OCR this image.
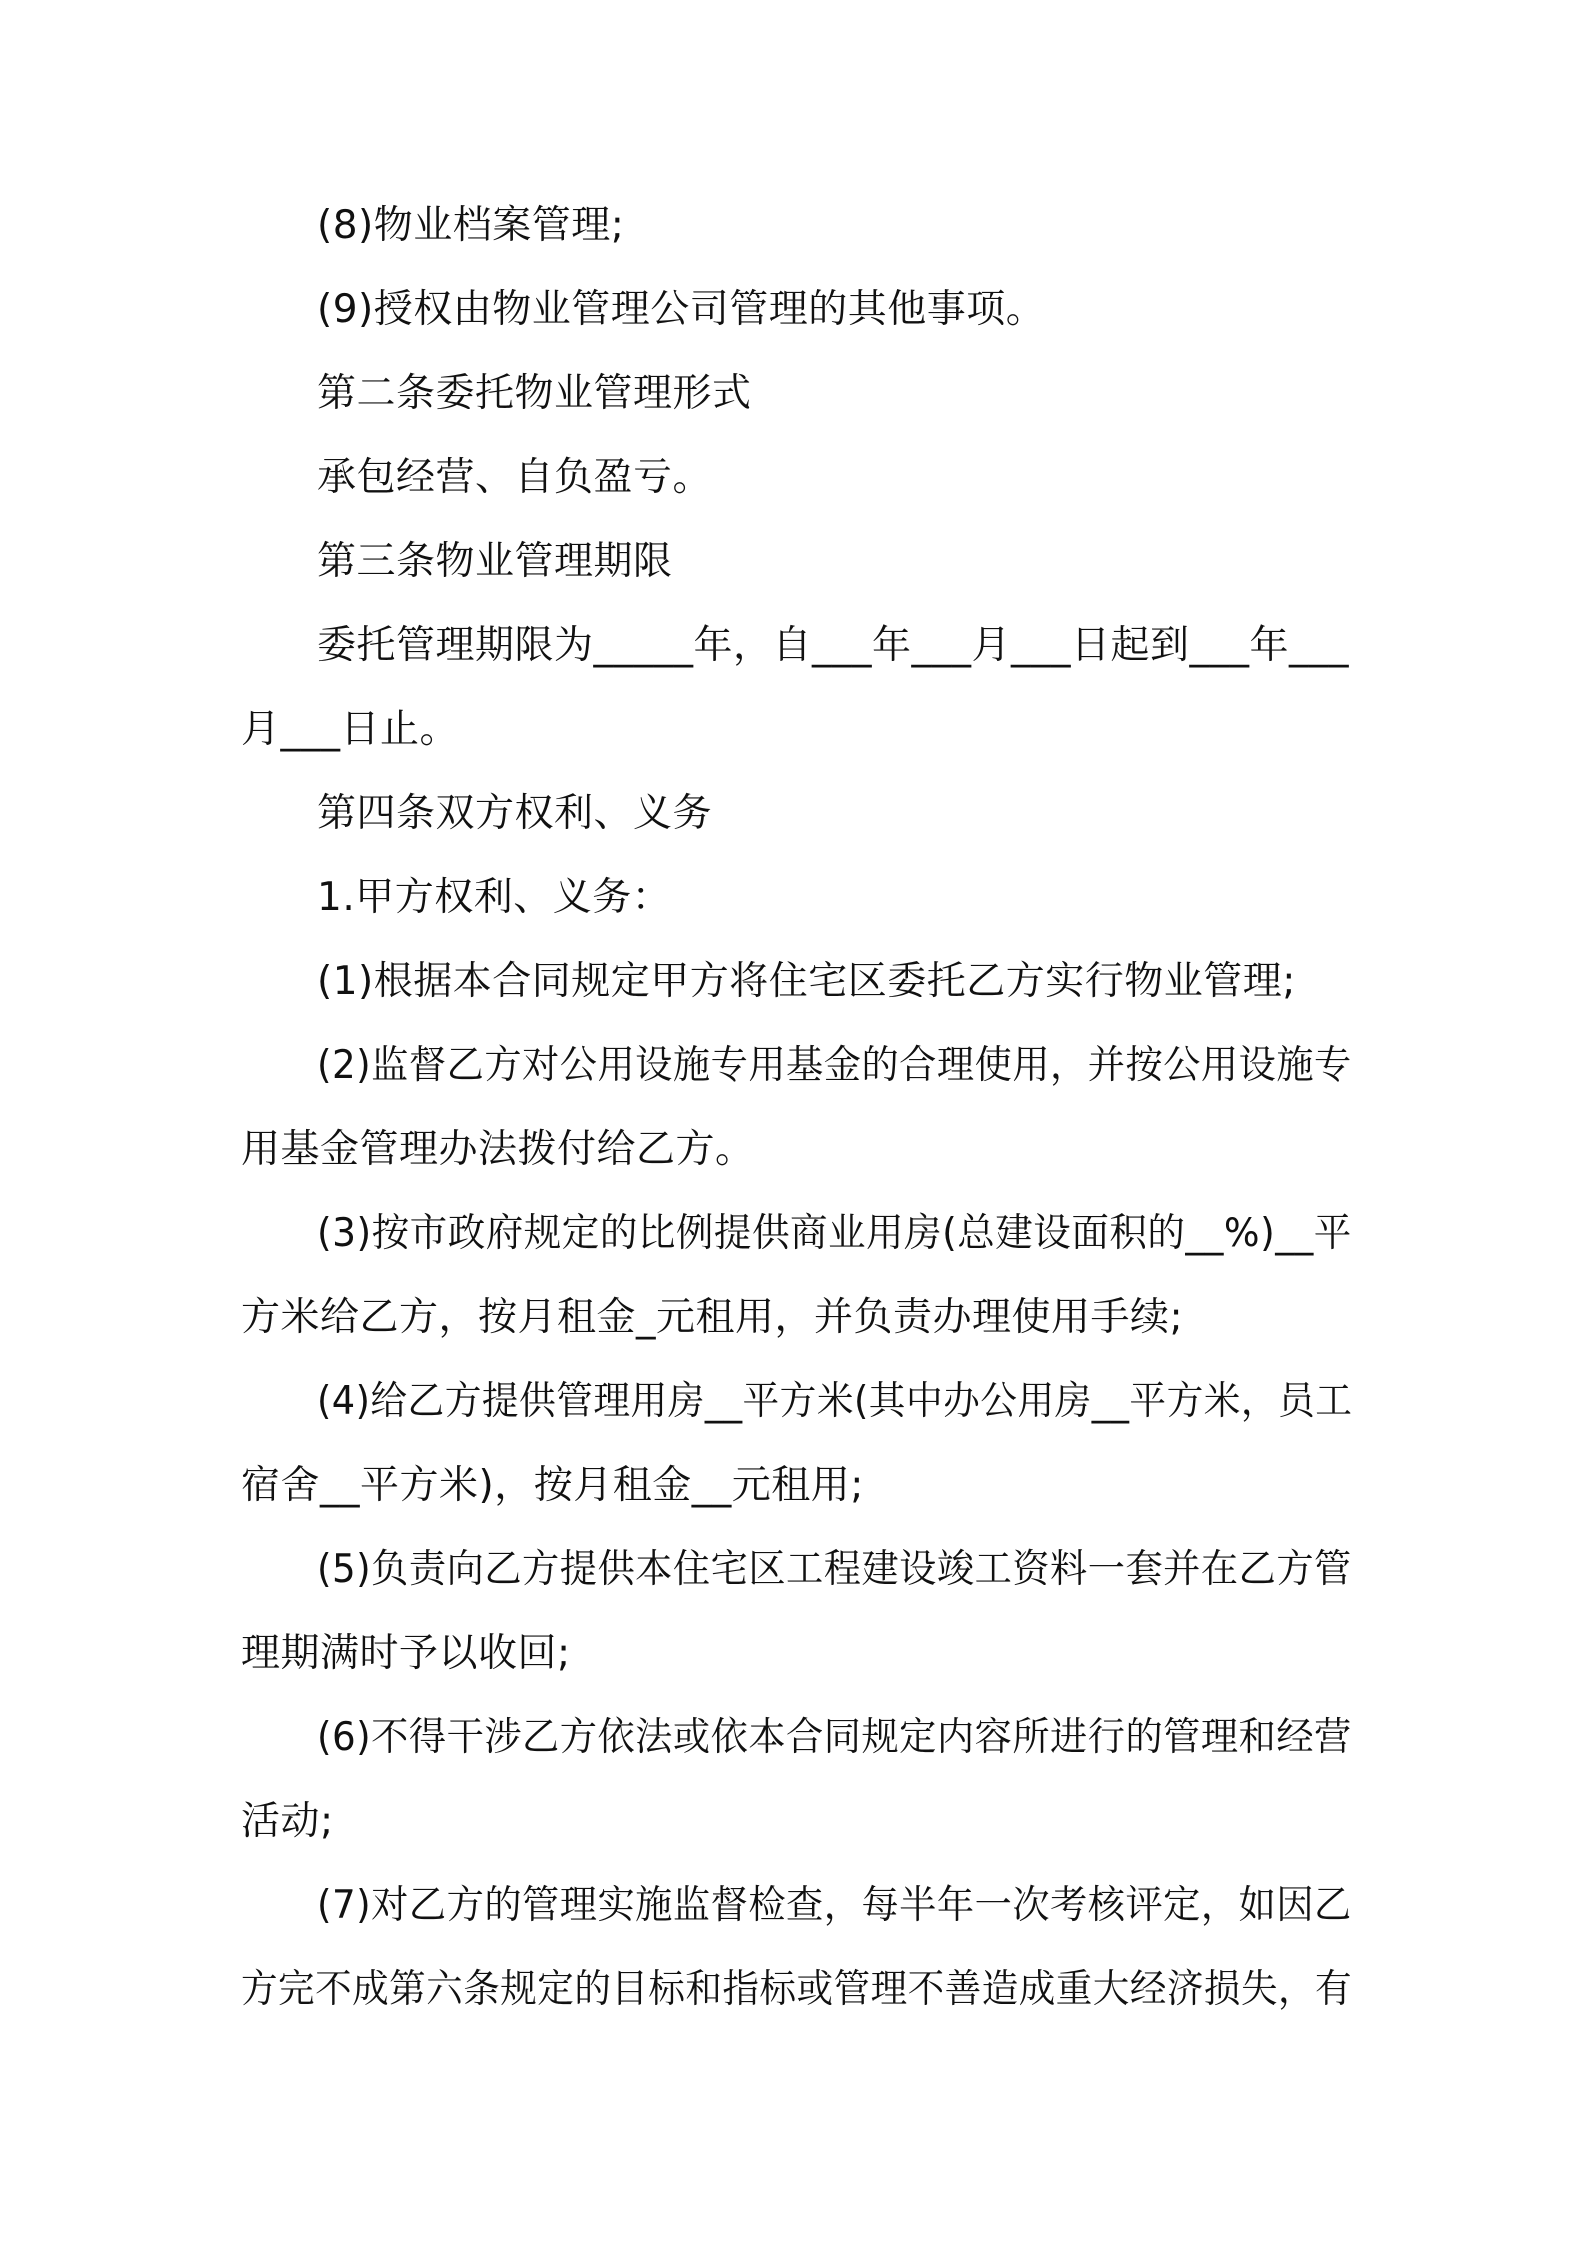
(8)物业档案管理;
(9)授权由物业管理公司管理的其他事项。
第二条委托物业管理形式
承包经营、自负盈亏。
第三条物业管理期限
委托管理期限为_____年，自___年___月___日起到___年___
月___日止。
第四条双方权利、义务
1.甲方权利、义务：
(1)根据本合同规定甲方将住宅区委托乙方实行物业管理;
(2)监督乙方对公用设施专用基金的合理使用，并按公用设施专
用基金管理办法拨付给乙方。
(3)按市政府规定的比例提供商业用房(总建设面积的__%)__平
方米给乙方，按月租金_元租用，并负责办理使用手续;
(4)给乙方提供管理用房__平方米(其中办公用房__平方米，员工
宿舍__平方米)，按月租金__元租用;
(5)负责向乙方提供本住宅区工程建设竣工资料一套并在乙方管
理期满时予以收回;
(6)不得干涉乙方依法或依本合同规定内容所进行的管理和经营
活动;
(7)对乙方的管理实施监督检查，每半年一次考核评定，如因乙
方完不成第六条规定的目标和指标或管理不善造成重大经济损失，有
